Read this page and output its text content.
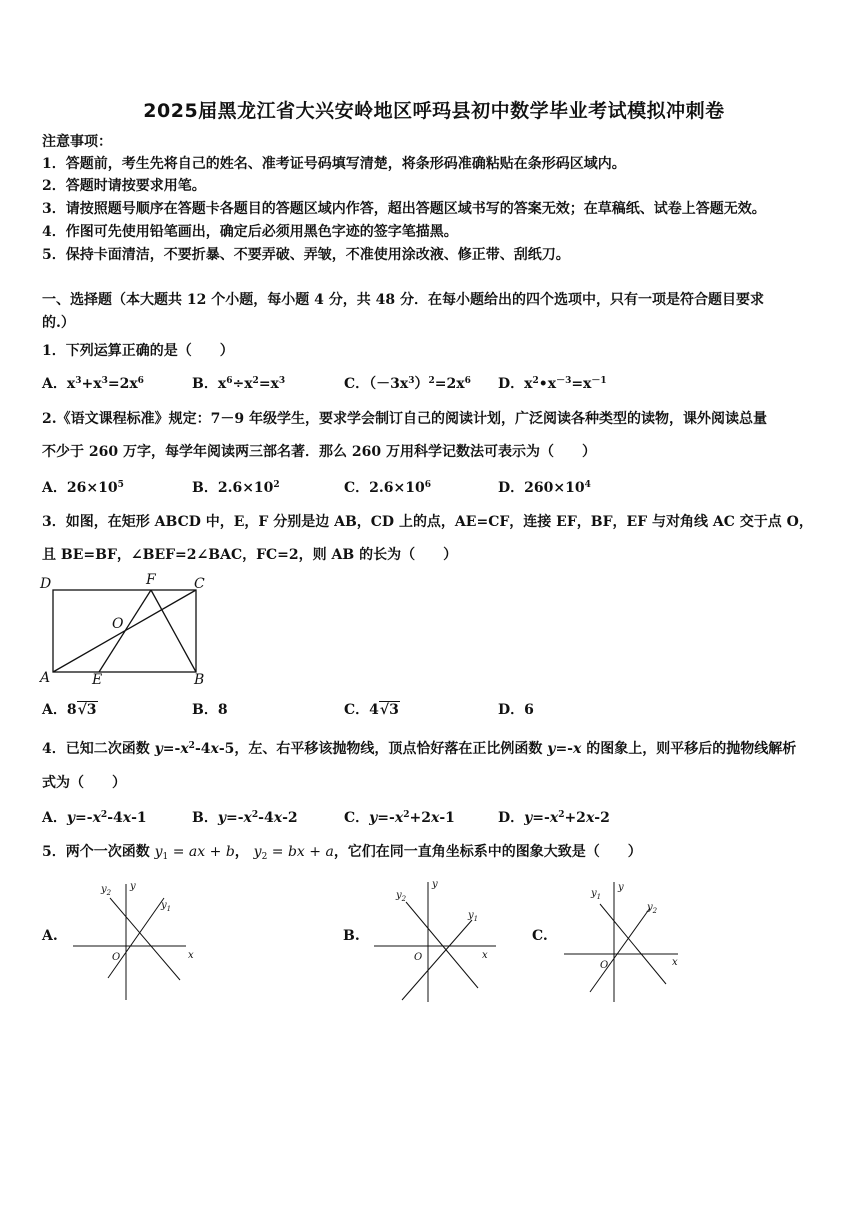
2025届黑龙江省大兴安岭地区呼玛县初中数学毕业考试模拟冲刺卷
注意事项：
1．答题前，考生先将自己的姓名、准考证号码填写清楚，将条形码准确粘贴在条形码区域内。
2．答题时请按要求用笔。
3．请按照题号顺序在答题卡各题目的答题区域内作答，超出答题区域书写的答案无效；在草稿纸、试卷上答题无效。
4．作图可先使用铅笔画出，确定后必须用黑色字迹的签字笔描黑。
5．保持卡面清洁，不要折暴、不要弄破、弄皱，不准使用涂改液、修正带、刮纸刀。
一、选择题（本大题共 12 个小题，每小题 4 分，共 48 分．在每小题给出的四个选项中，只有一项是符合题目要求
的.）
1．下列运算正确的是（　　）
A．$x^3+x^3=2x^6$	B．$x^6\div x^2=x^3$	C．$(-3x^3)^2=2x^6$ D．$x^2•x^{-3}=x^{-1}$
2.《语文课程标准》规定：7－9 年级学生，要求学会制订自己的阅读计划，广泛阅读各种类型的读物，课外阅读总量
不少于 260 万字，每学年阅读两三部名著．那么 260 万用科学记数法可表示为（　　）
A．$26\times 10^5$	B．$2.6\times 10^2$	C．$2.6\times 10^6$	D．$260\times 10^4$
3．如图，在矩形 ABCD 中，E，F 分别是边 AB，CD 上的点，AE=CF，连接 EF，BF，EF 与对角线 AC 交于点 O，
且 BE=BF，∠BEF=2∠BAC，FC=2，则 AB 的长为（　　）
D	F	C
O
A	E	B
A．8√3	B．8	C．4√3	D．6
4．已知二次函数 $y=-x^2-4x-5$，左、右平移该抛物线，顶点恰好落在正比例函数 y=-x 的图象上，则平移后的抛物线解析
式为（　　）
A．$y=-x^2-4x-1$	B．$y=-x^2-4x-2$	C．$y=-x^2+2x-1$	D．$y=-x^2+2x-2$
5．两个一次函数 $y_1$ = ax + b， $y_2$ = bx + a，它们在同一直角坐标系中的图象大致是（　　）
A.
x
y
O
$y_2$
$y_1$
B.
x
y
O
$y_2$
$y_1$
C.
x
y
O
$y_1$
$y_2$
